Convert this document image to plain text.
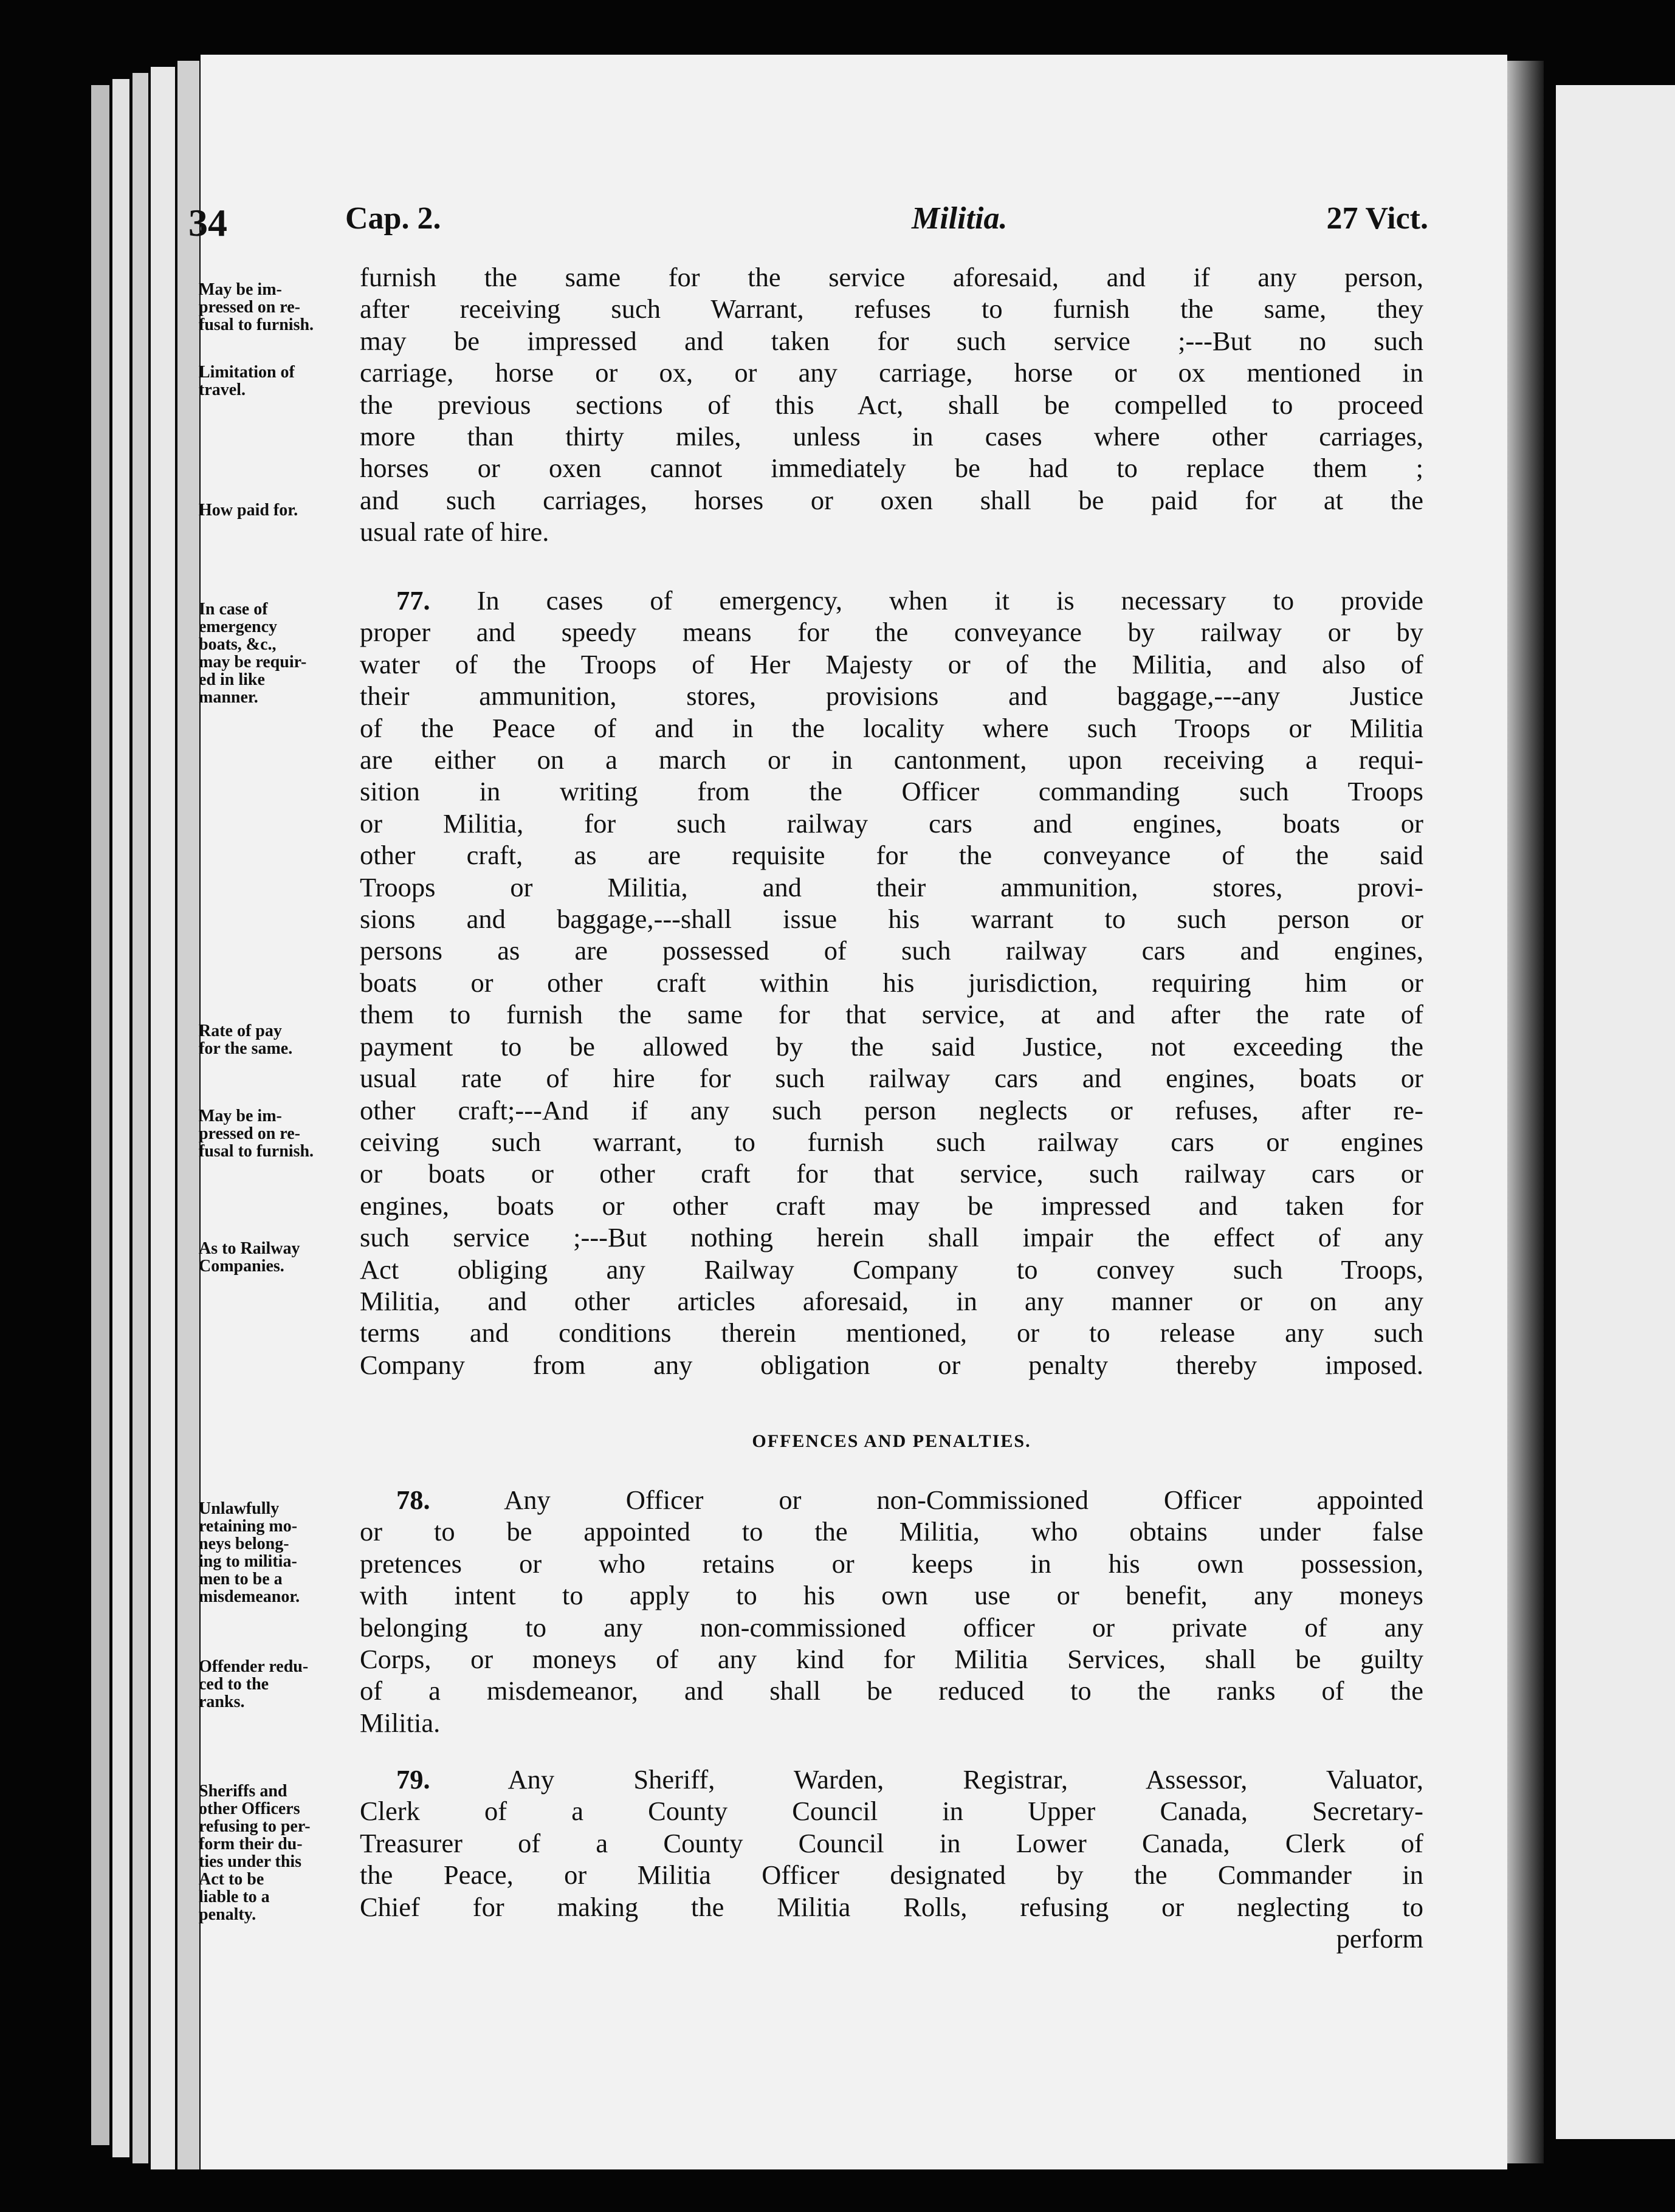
34	Cap. 2.	Militia.	27 Vict.
May be im-
pressed on re-
fusal to furnish.
Limitation of
travel.
How paid for.
In case of
emergency
boats, &c.,
may be requir-
ed in like
manner.
Rate of pay
for the same.
May be im-
pressed on re-
fusal to furnish.
As to Railway
Companies.
Unlawfully
retaining mo-
neys belong-
ing to militia-
men to be a
misdemeanor.
Offender redu-
ced to the
ranks.
Sheriffs and
other Officers
refusing to per-
form their du-
ties under this
Act to be
liable to a
penalty.
furnish the same for the service aforesaid, and if any person,
after receiving such Warrant, refuses to furnish the same, they
may be impressed and taken for such service ;---But no such
carriage, horse or ox, or any carriage, horse or ox mentioned in
the previous sections of this Act, shall be compelled to proceed
more than thirty miles, unless in cases where other carriages,
horses or oxen cannot immediately be had to replace them ;
and such carriages, horses or oxen shall be paid for at the
usual rate of hire.
77. In cases of emergency, when it is necessary to provide
proper and speedy means for the conveyance by railway or by
water of the Troops of Her Majesty or of the Militia, and also of
their ammunition, stores, provisions and baggage,---any Justice
of the Peace of and in the locality where such Troops or Militia
are either on a march or in cantonment, upon receiving a requi-
sition in writing from the Officer commanding such Troops
or Militia, for such railway cars and engines, boats or
other craft, as are requisite for the conveyance of the said
Troops or Militia, and their ammunition, stores, provi-
sions and baggage,---shall issue his warrant to such person or
persons as are possessed of such railway cars and engines,
boats or other craft within his jurisdiction, requiring him or
them to furnish the same for that service, at and after the rate of
payment to be allowed by the said Justice, not exceeding the
usual rate of hire for such railway cars and engines, boats or
other craft;---And if any such person neglects or refuses, after re-
ceiving such warrant, to furnish such railway cars or engines
or boats or other craft for that service, such railway cars or
engines, boats or other craft may be impressed and taken for
such service ;---But nothing herein shall impair the effect of any
Act obliging any Railway Company to convey such Troops,
Militia, and other articles aforesaid, in any manner or on any
terms and conditions therein mentioned, or to release any such
Company from any obligation or penalty thereby imposed.
OFFENCES AND PENALTIES.
78.	Any Officer or non-Commissioned Officer appointed
or to be appointed to the Militia, who obtains under false
pretences or who retains or keeps in his own possession,
with intent to apply to his own use or benefit, any moneys
belonging to any non-commissioned officer or private of any
Corps, or moneys of any kind for Militia Services, shall be guilty
of a misdemeanor, and shall be reduced to the ranks of the
Militia.
79.	Any Sheriff, Warden, Registrar, Assessor, Valuator,
Clerk of a County Council in Upper Canada, Secretary-
Treasurer of a County Council in Lower Canada, Clerk of
the Peace, or Militia Officer designated by the Commander in
Chief for making the Militia Rolls, refusing or neglecting to
perform
